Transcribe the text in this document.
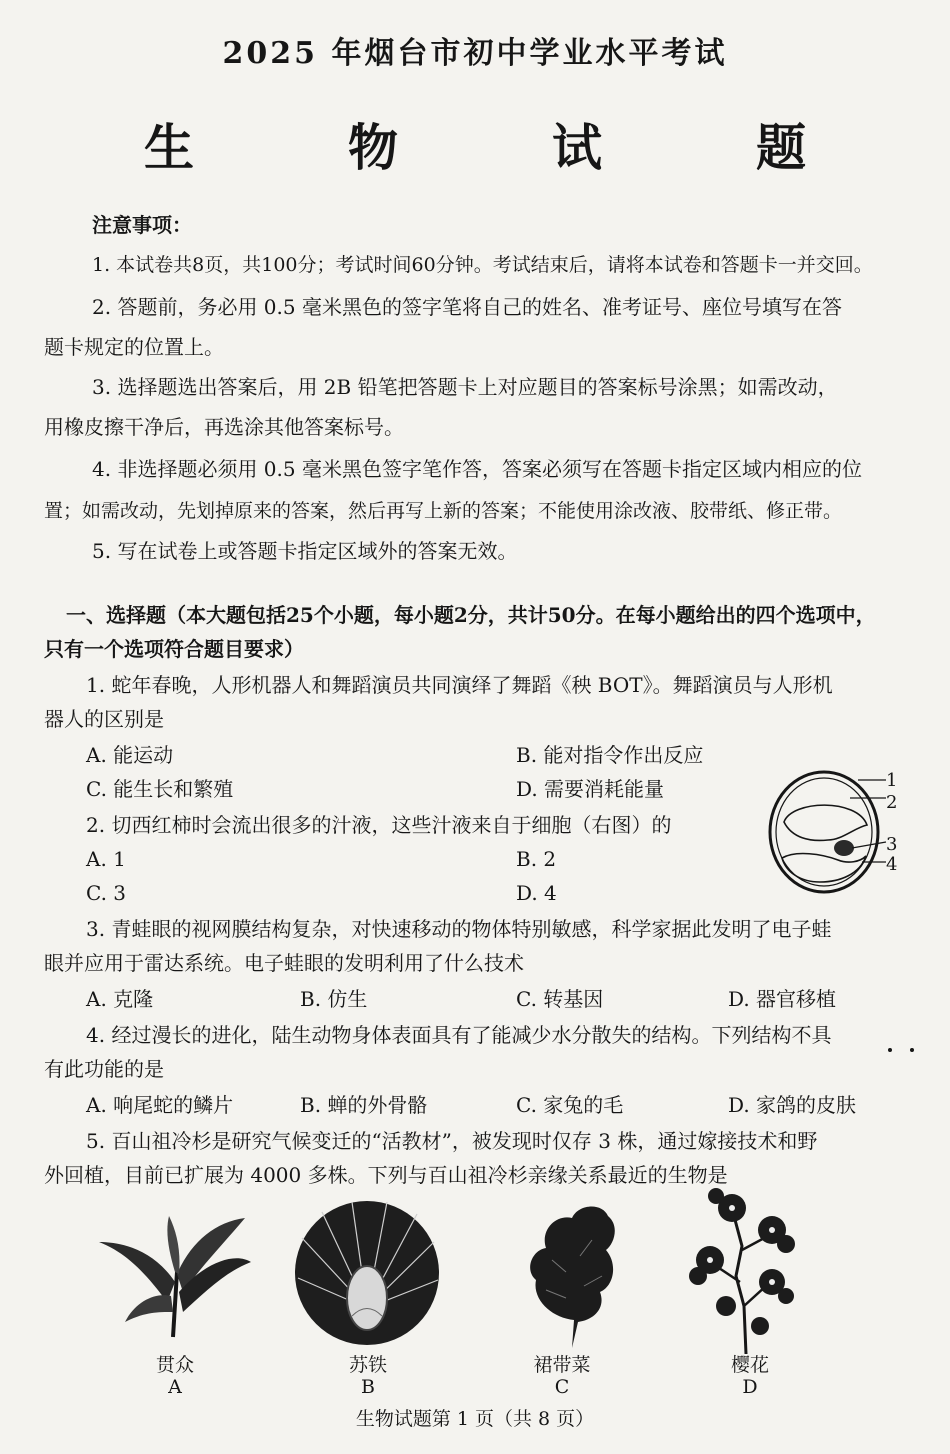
2025 年烟台市初中学业水平考试
生　物　试　题
注意事项：
1. 本试卷共8页，共100分；考试时间60分钟。考试结束后，请将本试卷和答题卡一并交回。
2. 答题前，务必用 0.5 毫米黑色的签字笔将自己的姓名、准考证号、座位号填写在答
题卡规定的位置上。
3. 选择题选出答案后，用 2B 铅笔把答题卡上对应题目的答案标号涂黑；如需改动，
用橡皮擦干净后，再选涂其他答案标号。
4. 非选择题必须用 0.5 毫米黑色签字笔作答，答案必须写在答题卡指定区域内相应的位
置；如需改动，先划掉原来的答案，然后再写上新的答案；不能使用涂改液、胶带纸、修正带。
5. 写在试卷上或答题卡指定区域外的答案无效。
一、选择题（本大题包括25个小题，每小题2分，共计50分。在每小题给出的四个选项中，
只有一个选项符合题目要求）
1. 蛇年春晚，人形机器人和舞蹈演员共同演绎了舞蹈《秧 BOT》。舞蹈演员与人形机
器人的区别是
A. 能运动	B. 能对指令作出反应
C. 能生长和繁殖	D. 需要消耗能量
2. 切西红柿时会流出很多的汁液，这些汁液来自于细胞（右图）的
A. 1	B. 2
C. 3	D. 4
1
2
3
4
3. 青蛙眼的视网膜结构复杂，对快速移动的物体特别敏感，科学家据此发明了电子蛙
眼并应用于雷达系统。电子蛙眼的发明利用了什么技术
A. 克隆	B. 仿生	C. 转基因	D. 器官移植
4. 经过漫长的进化，陆生动物身体表面具有了能减少水分散失的结构。下列结构不具
有此功能的是
A. 响尾蛇的鳞片	B. 蝉的外骨骼	C. 家兔的毛	D. 家鸽的皮肤
5. 百山祖冷杉是研究气候变迁的“活教材”，被发现时仅存 3 株，通过嫁接技术和野
外回植，目前已扩展为 4000 多株。下列与百山祖冷杉亲缘关系最近的生物是
贯众
A
苏铁
B
裙带菜
C
樱花
D
生物试题第 1 页（共 8 页）
